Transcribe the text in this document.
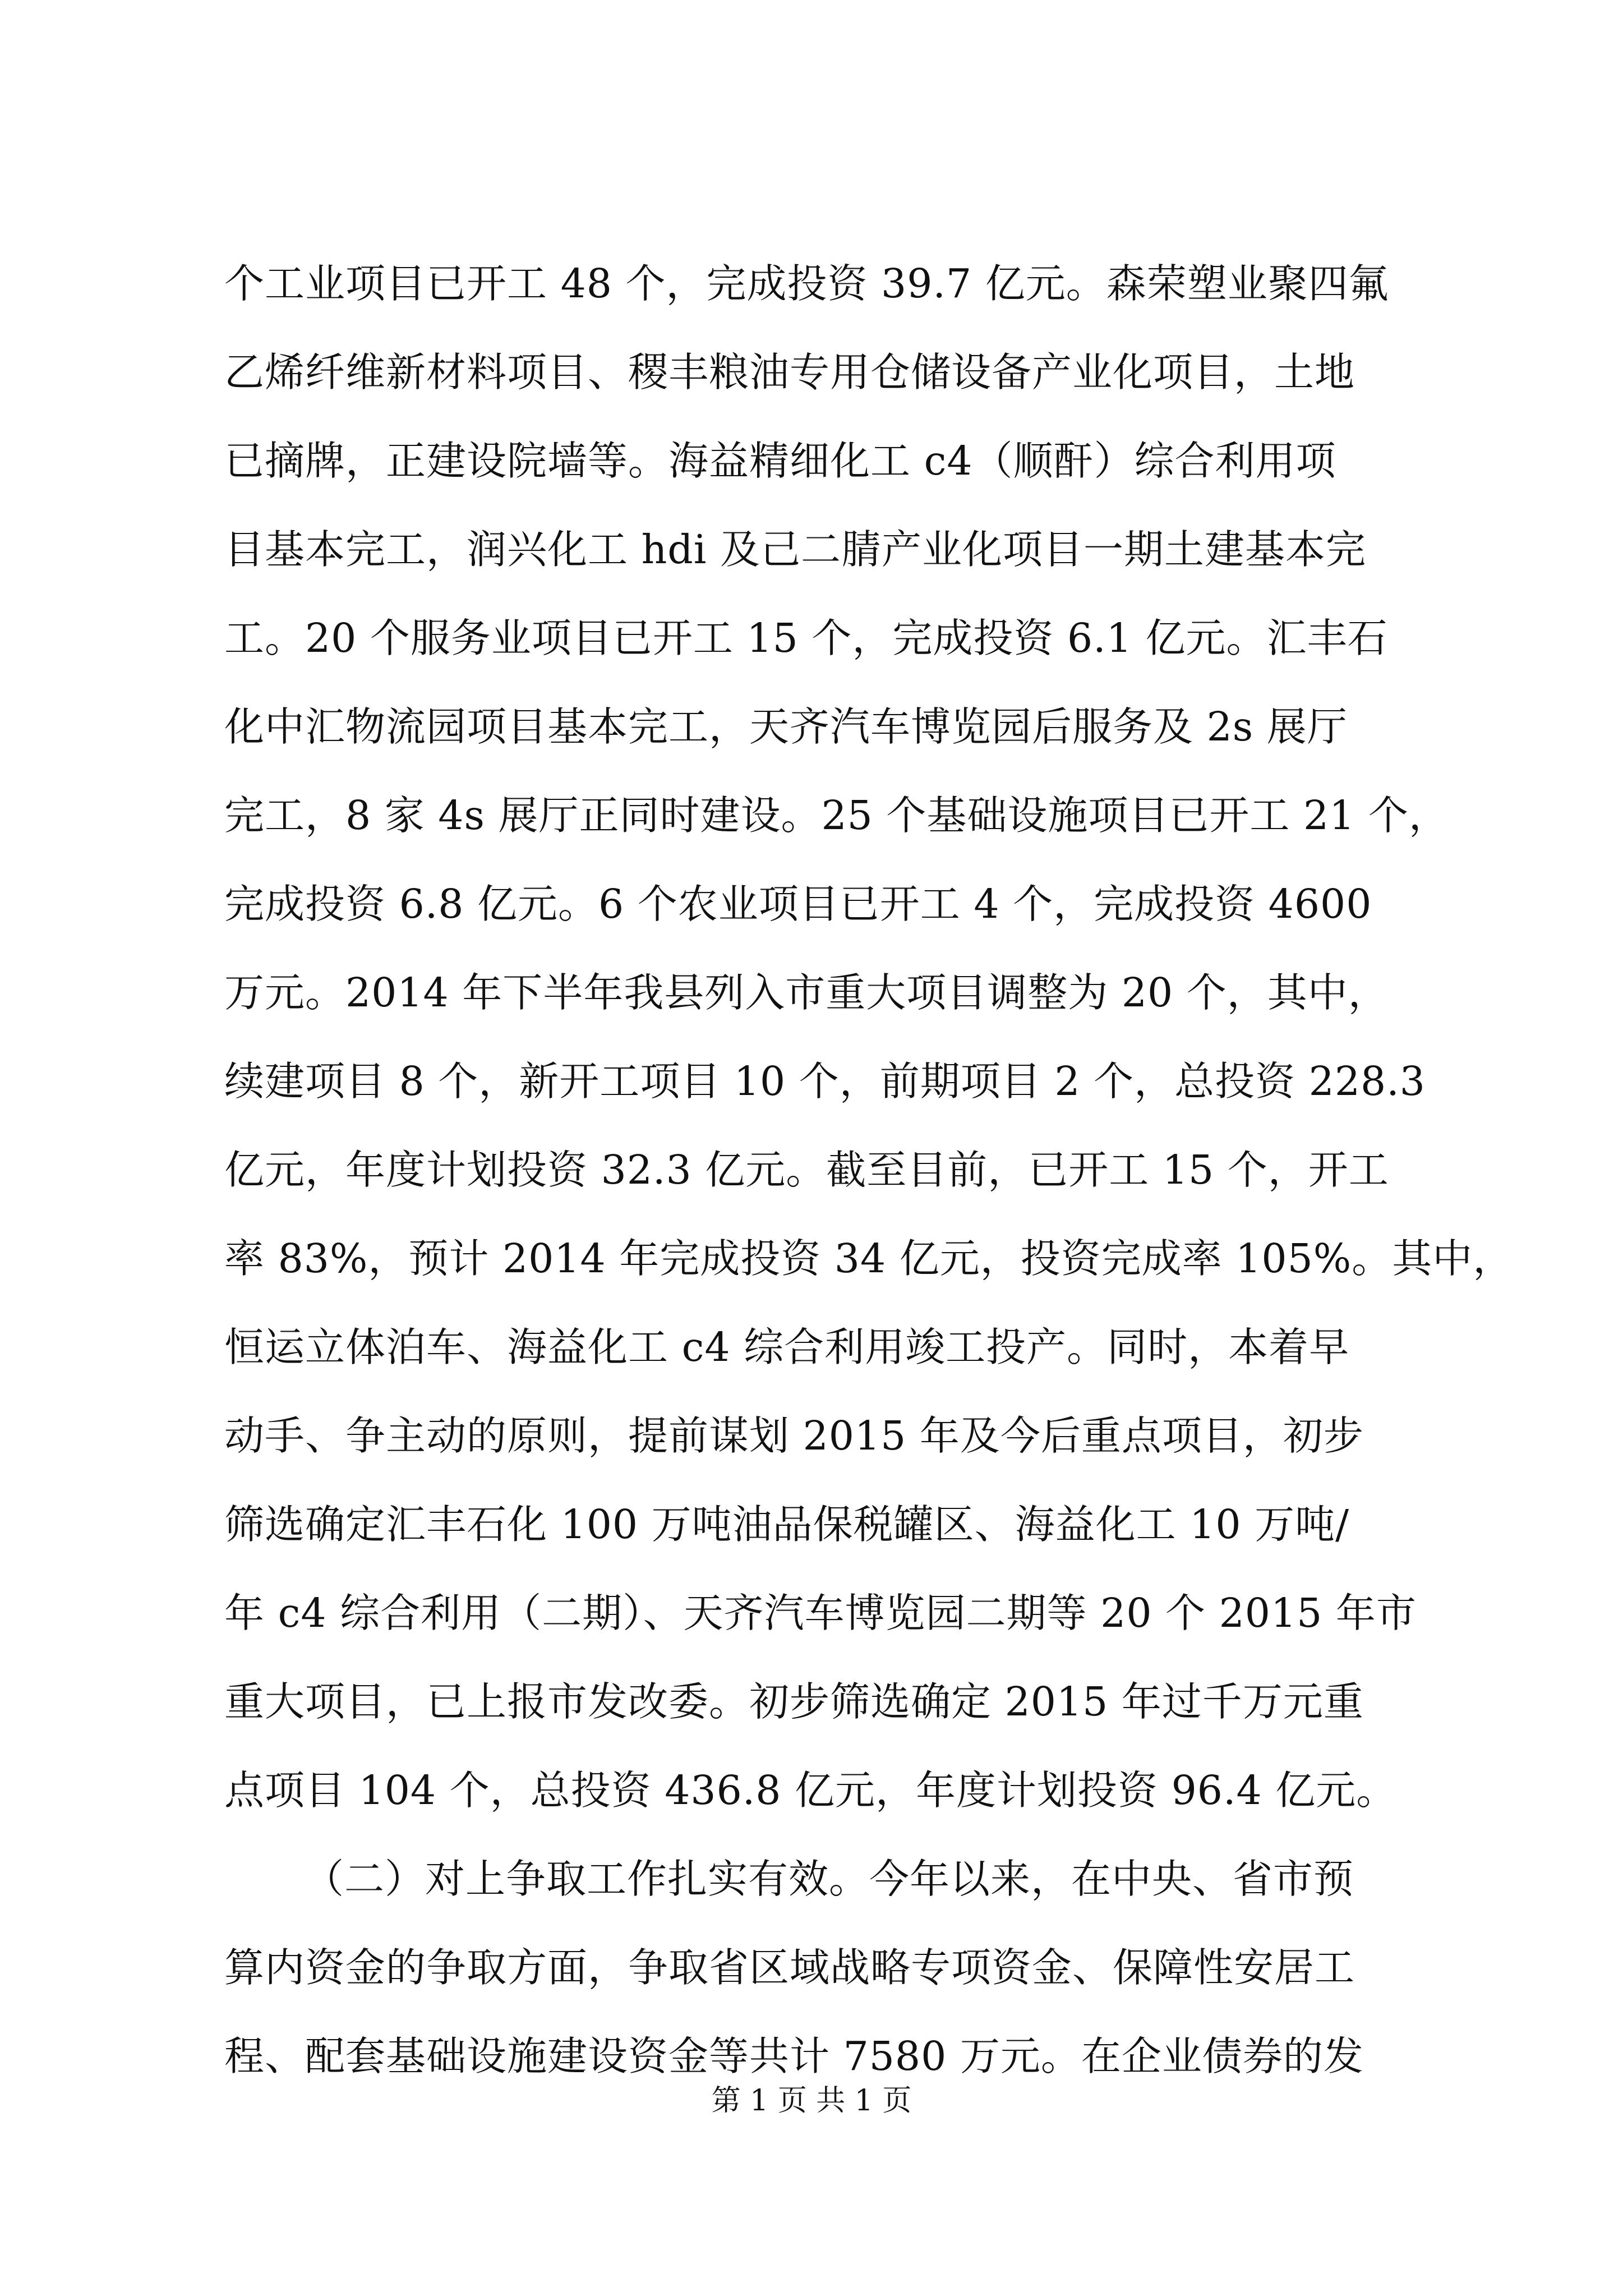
个工业项目已开工 48 个，完成投资 39.7 亿元。森荣塑业聚四氟
乙烯纤维新材料项目、稷丰粮油专用仓储设备产业化项目，土地
已摘牌，正建设院墙等。海益精细化工 c4（顺酐）综合利用项
目基本完工，润兴化工 hdi 及己二腈产业化项目一期土建基本完
工。20 个服务业项目已开工 15 个，完成投资 6.1 亿元。汇丰石
化中汇物流园项目基本完工，天齐汽车博览园后服务及 2s 展厅
完工，8 家 4s 展厅正同时建设。25 个基础设施项目已开工 21 个，
完成投资 6.8 亿元。6 个农业项目已开工 4 个，完成投资 4600
万元。2014 年下半年我县列入市重大项目调整为 20 个，其中，
续建项目 8 个，新开工项目 10 个，前期项目 2 个，总投资 228.3
亿元，年度计划投资 32.3 亿元。截至目前，已开工 15 个，开工
率 83%，预计 2014 年完成投资 34 亿元，投资完成率 105%。其中，
恒运立体泊车、海益化工 c4 综合利用竣工投产。同时，本着早
动手、争主动的原则，提前谋划 2015 年及今后重点项目，初步
筛选确定汇丰石化 100 万吨油品保税罐区、海益化工 10 万吨/
年 c4 综合利用（二期）、天齐汽车博览园二期等 20 个 2015 年市
重大项目，已上报市发改委。初步筛选确定 2015 年过千万元重
点项目 104 个，总投资 436.8 亿元，年度计划投资 96.4 亿元。
（二）对上争取工作扎实有效。今年以来，在中央、省市预
算内资金的争取方面，争取省区域战略专项资金、保障性安居工
程、配套基础设施建设资金等共计 7580 万元。在企业债券的发
第 1 页 共 1 页
